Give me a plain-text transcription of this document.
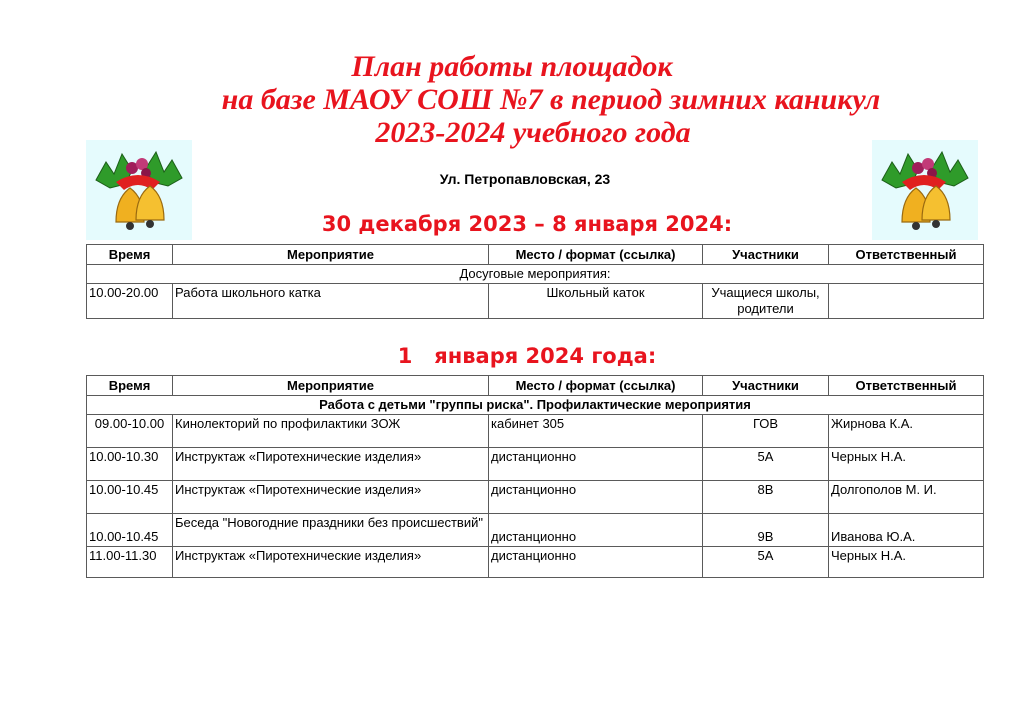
План работы площадок
на базе МАОУ СОШ №7 в период зимних каникул
2023-2024 учебного года
Ул. Петропавловская, 23
30 декабря 2023 – 8 января 2024:
Время	Мероприятие	Место / формат (ссылка)	Участники	Ответственный
Досуговые мероприятия:				
10.00-20.00	Работа школьного катка	Школьный каток	Учащиеся школы, родители	
1   января 2024 года:
Время	Мероприятие	Место / формат (ссылка)	Участники	Ответственный
Работа с детьми "группы риска". Профилактические мероприятия				
09.00-10.00	Кинолекторий по профилактики ЗОЖ	кабинет 305	ГОВ	Жирнова К.А.
10.00-10.30	Инструктаж «Пиротехнические изделия»	дистанционно	5А	Черных Н.А.
10.00-10.45	Инструктаж «Пиротехнические изделия»	дистанционно	8В	Долгополов М. И.
10.00-10.45	Беседа "Новогодние праздники без происшествий"	дистанционно	9В	Иванова Ю.А.
11.00-11.30	Инструктаж «Пиротехнические изделия»	дистанционно	5А	Черных Н.А.
